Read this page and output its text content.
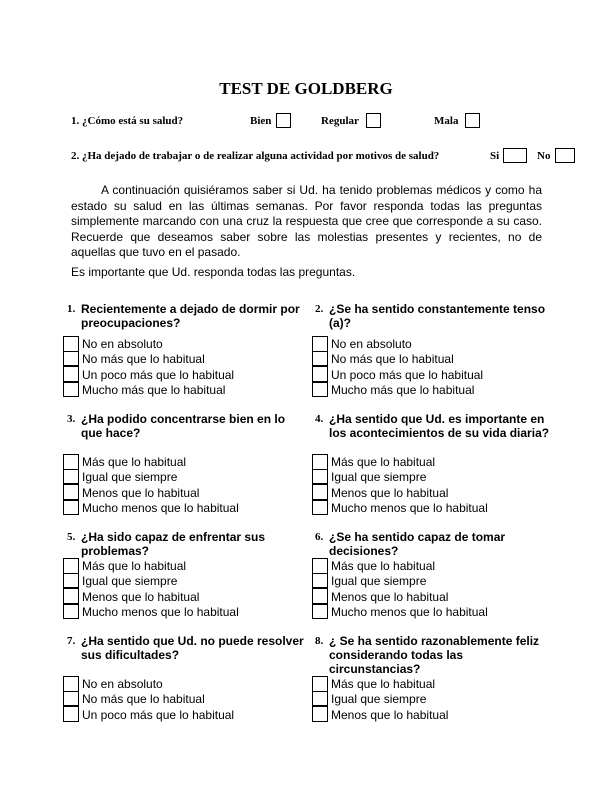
TEST DE GOLDBERG
1. ¿Cómo está su salud?	Bien	Regular	Mala
2. ¿Ha dejado de trabajar o de realizar alguna actividad por motivos de salud?	Si	No

A continuación quisiéramos saber si Ud. ha tenido problemas médicos y como ha estado su salud en las últimas semanas. Por favor responda todas las preguntas simplemente marcando con una cruz la respuesta que cree que corresponde a su caso. Recuerde que deseamos saber sobre las molestias presentes y recientes, no de aquellas que tuvo en el pasado.

Es importante que Ud. responda todas las preguntas.
1. Recientemente a dejado de dormir por preocupaciones?
No en absoluto
No más que lo habitual
Un poco más que lo habitual
Mucho más que lo habitual
2. ¿Se ha sentido constantemente tenso (a)?
No en absoluto
No más que lo habitual
Un poco más que lo habitual
Mucho más que lo habitual
3. ¿Ha podido concentrarse bien en lo que hace?
Más que lo habitual
Igual que siempre
Menos que lo habitual
Mucho menos que lo habitual
4. ¿Ha sentido que Ud. es importante en los acontecimientos de su vida diaria?
Más que lo habitual
Igual que siempre
Menos que lo habitual
Mucho menos que lo habitual
5. ¿Ha sido capaz de enfrentar sus problemas?
Más que lo habitual
Igual que siempre
Menos que lo habitual
Mucho menos que lo habitual
6. ¿Se ha sentido capaz de tomar decisiones?
Más que lo habitual
Igual que siempre
Menos que lo habitual
Mucho menos que lo habitual
7. ¿Ha sentido que Ud. no puede resolver sus dificultades?
No en absoluto
No más que lo habitual
Un poco más que lo habitual
8. ¿ Se ha sentido razonablemente feliz considerando todas las circunstancias?
Más que lo habitual
Igual que siempre
Menos que lo habitual
